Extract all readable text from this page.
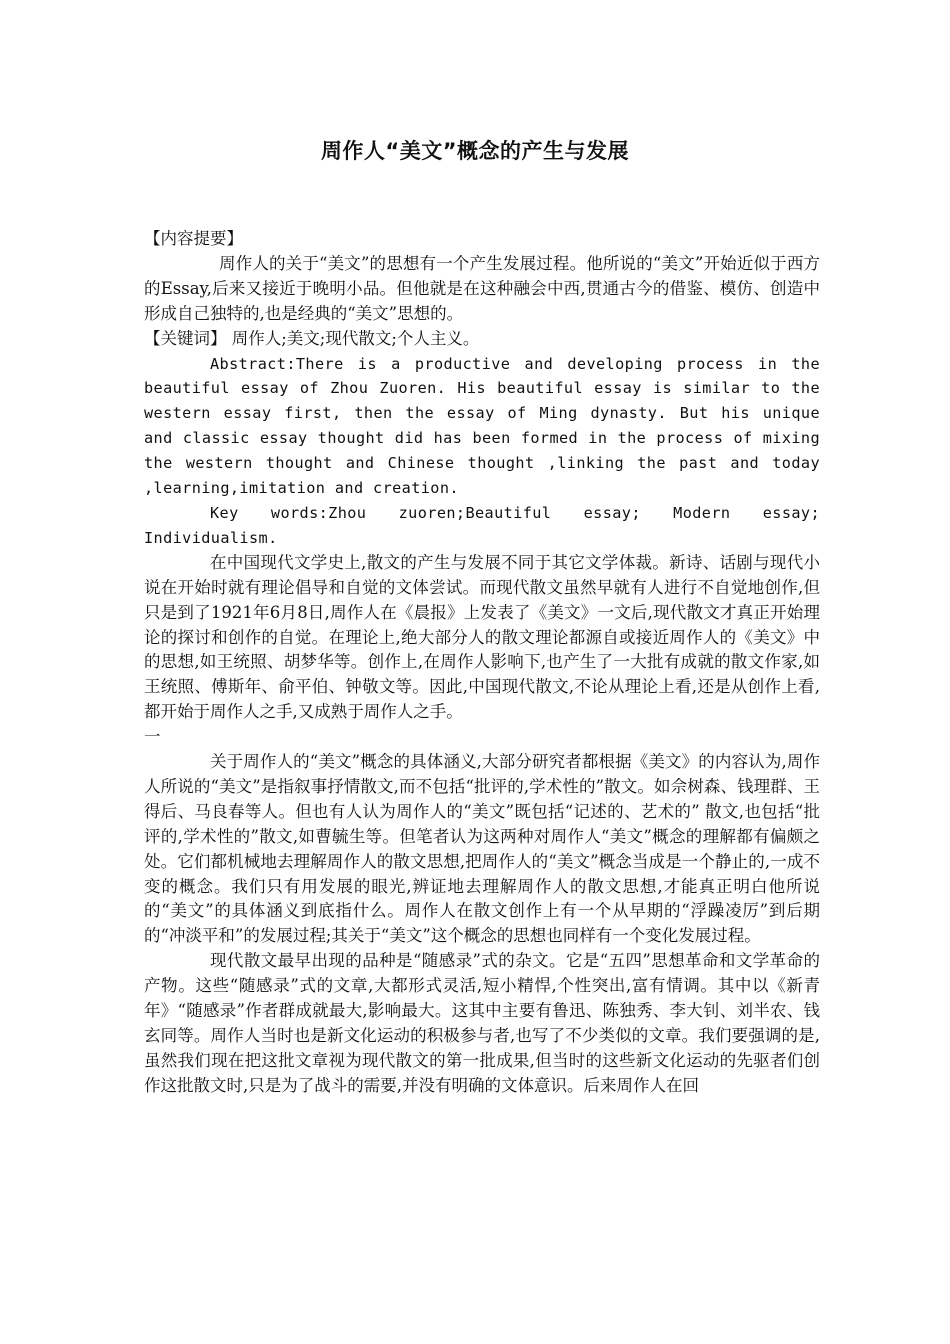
周作人“美文”概念的产生与发展

【内容提要】

周作人的关于“美文”的思想有一个产生发展过程。他所说的“美文”开始近似于西方的Essay,后来又接近于晚明小品。但他就是在这种融会中西,贯通古今的借鉴、模仿、创造中形成自己独特的,也是经典的“美文”思想的。

【关键词】 周作人;美文;现代散文;个人主义。

Abstract:There is a productive and developing process in the beautiful essay of Zhou Zuoren. His beautiful essay is similar to the western essay first, then the essay of Ming dynasty. But his unique and classic essay thought did has been formed in the process of mixing the western thought and Chinese thought ,linking the past and today ,learning,imitation and creation.

Key words:Zhou zuoren;Beautiful essay; Modern essay; Individualism.

在中国现代文学史上,散文的产生与发展不同于其它文学体裁。新诗、话剧与现代小说在开始时就有理论倡导和自觉的文体尝试。而现代散文虽然早就有人进行不自觉地创作,但只是到了1921年6月8日,周作人在《晨报》上发表了《美文》一文后,现代散文才真正开始理论的探讨和创作的自觉。在理论上,绝大部分人的散文理论都源自或接近周作人的《美文》中的思想,如王统照、胡梦华等。创作上,在周作人影响下,也产生了一大批有成就的散文作家,如王统照、傅斯年、俞平伯、钟敬文等。因此,中国现代散文,不论从理论上看,还是从创作上看,都开始于周作人之手,又成熟于周作人之手。

一

关于周作人的“美文”概念的具体涵义,大部分研究者都根据《美文》的内容认为,周作人所说的“美文”是指叙事抒情散文,而不包括“批评的,学术性的”散文。如佘树森、钱理群、王得后、马良春等人。但也有人认为周作人的“美文”既包括“记述的、艺术的” 散文,也包括“批评的,学术性的”散文,如曹毓生等。但笔者认为这两种对周作人“美文”概念的理解都有偏颇之处。它们都机械地去理解周作人的散文思想,把周作人的“美文”概念当成是一个静止的,一成不变的概念。我们只有用发展的眼光,辨证地去理解周作人的散文思想,才能真正明白他所说的“美文”的具体涵义到底指什么。周作人在散文创作上有一个从早期的“浮躁凌厉”到后期的“冲淡平和”的发展过程;其关于“美文”这个概念的思想也同样有一个变化发展过程。

现代散文最早出现的品种是“随感录”式的杂文。它是“五四”思想革命和文学革命的产物。这些“随感录”式的文章,大都形式灵活,短小精悍,个性突出,富有情调。其中以《新青年》“随感录”作者群成就最大,影响最大。这其中主要有鲁迅、陈独秀、李大钊、刘半农、钱玄同等。周作人当时也是新文化运动的积极参与者,也写了不少类似的文章。我们要强调的是,虽然我们现在把这批文章视为现代散文的第一批成果,但当时的这些新文化运动的先驱者们创作这批散文时,只是为了战斗的需要,并没有明确的文体意识。后来周作人在回
